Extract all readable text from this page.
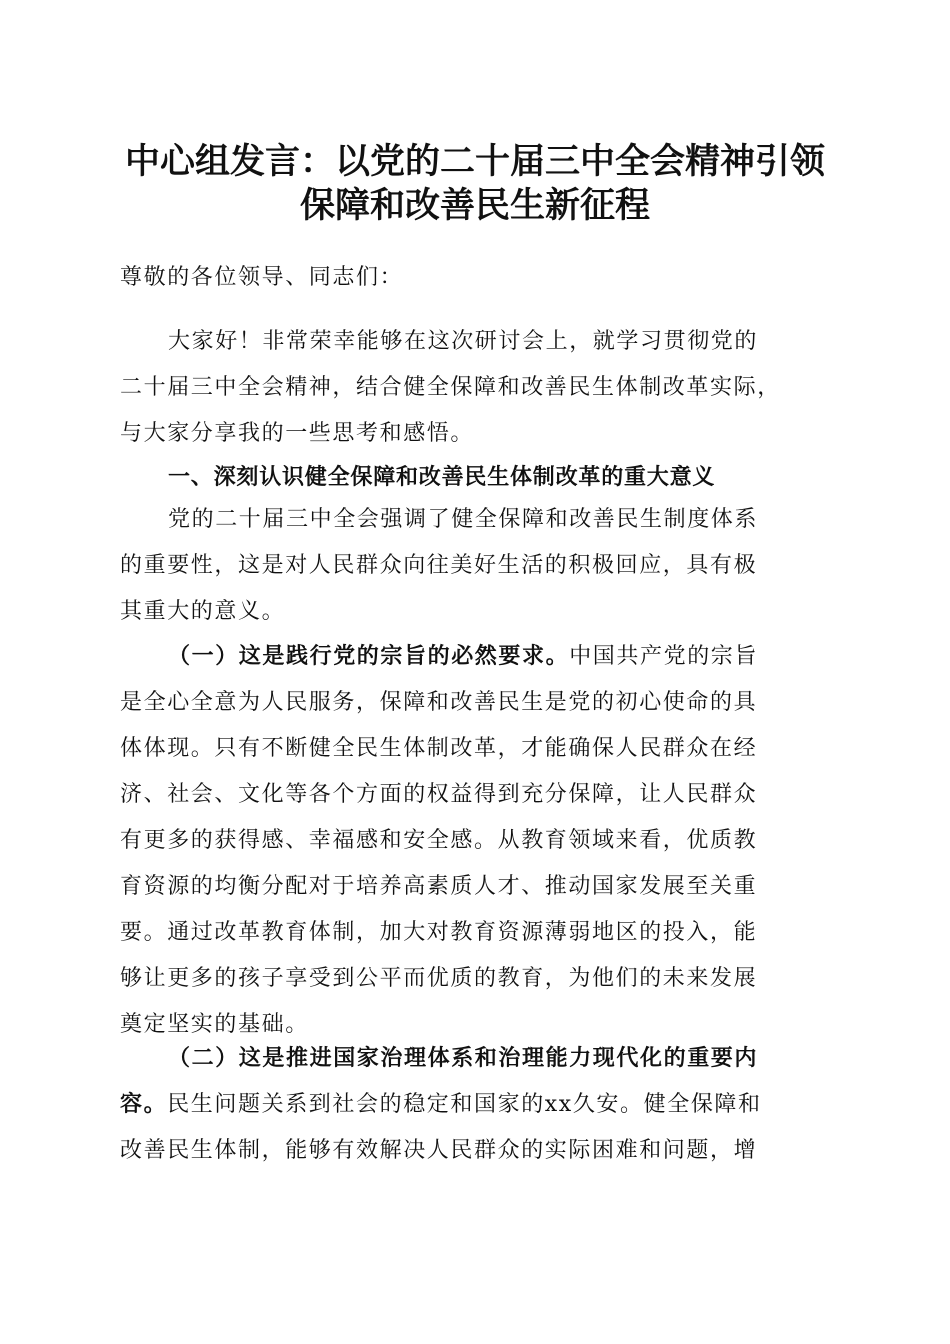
中心组发言：以党的二十届三中全会精神引领
保障和改善民生新征程

尊敬的各位领导、同志们：

大家好！非常荣幸能够在这次研讨会上，就学习贯彻党的
二十届三中全会精神，结合健全保障和改善民生体制改革实际，
与大家分享我的一些思考和感悟。

一、深刻认识健全保障和改善民生体制改革的重大意义

党的二十届三中全会强调了健全保障和改善民生制度体系
的重要性，这是对人民群众向往美好生活的积极回应，具有极
其重大的意义。

（一）这是践行党的宗旨的必然要求。中国共产党的宗旨
是全心全意为人民服务，保障和改善民生是党的初心使命的具
体体现。只有不断健全民生体制改革，才能确保人民群众在经
济、社会、文化等各个方面的权益得到充分保障，让人民群众
有更多的获得感、幸福感和安全感。从教育领域来看，优质教
育资源的均衡分配对于培养高素质人才、推动国家发展至关重
要。通过改革教育体制，加大对教育资源薄弱地区的投入，能
够让更多的孩子享受到公平而优质的教育，为他们的未来发展
奠定坚实的基础。

（二）这是推进国家治理体系和治理能力现代化的重要内
容。民生问题关系到社会的稳定和国家的xx久安。健全保障和
改善民生体制，能够有效解决人民群众的实际困难和问题，增
